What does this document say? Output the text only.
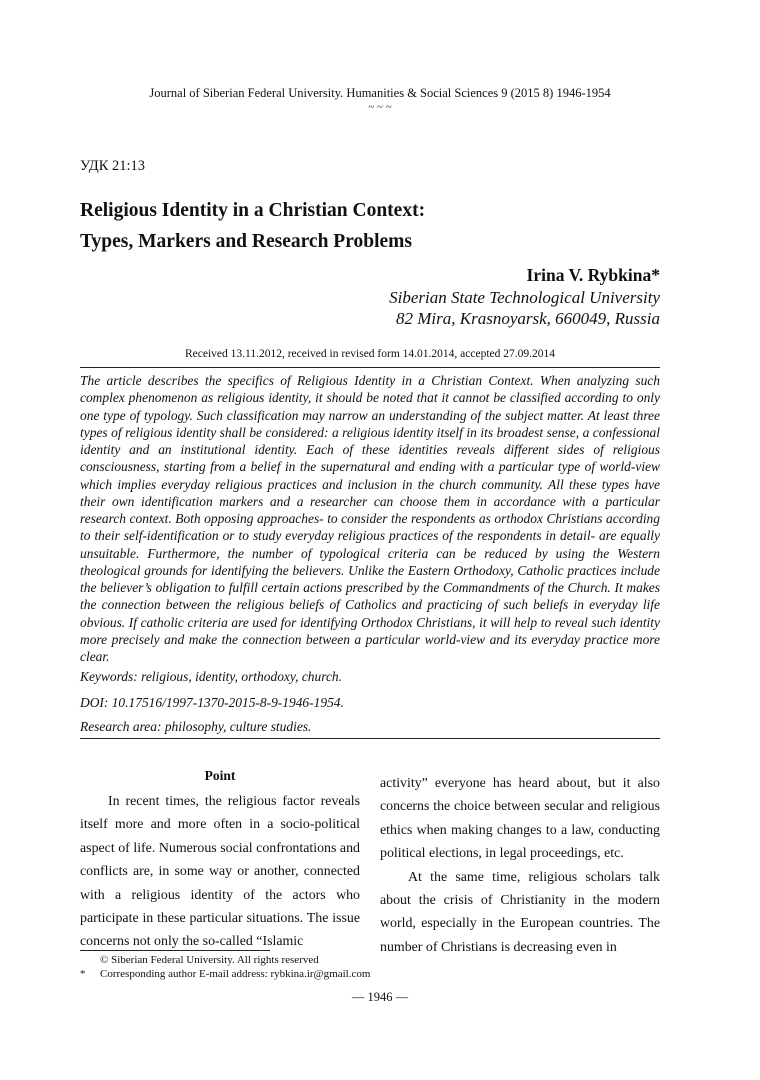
Journal of Siberian Federal University. Humanities & Social Sciences 9 (2015 8) 1946-1954
~ ~ ~
УДК 21:13
Religious Identity in a Christian Context:
Types, Markers and Research Problems
Irina V. Rybkina*
Siberian State Technological University
82 Mira, Krasnoyarsk, 660049, Russia
Received 13.11.2012, received in revised form 14.01.2014, accepted 27.09.2014

The article describes the specifics of Religious Identity in a Christian Context. When analyzing such complex phenomenon as religious identity, it should be noted that it cannot be classified according to only one type of typology. Such classification may narrow an understanding of the subject matter. At least three types of religious identity shall be considered: a religious identity itself in its broadest sense, a confessional identity and an institutional identity. Each of these identities reveals different sides of religious consciousness, starting from a belief in the supernatural and ending with a particular type of world-view which implies everyday religious practices and inclusion in the church community. All these types have their own identification markers and a researcher can choose them in accordance with a particular research context. Both opposing approaches- to consider the respondents as orthodox Christians according to their self-identification or to study everyday religious practices of the respondents in detail- are equally unsuitable. Furthermore, the number of typological criteria can be reduced by using the Western theological grounds for identifying the believers. Unlike the Eastern Orthodoxy, Catholic practices include the believer’s obligation to fulfill certain actions prescribed by the Commandments of the Church. It makes the connection between the religious beliefs of Catholics and practicing of such beliefs in everyday life obvious. If catholic criteria are used for identifying Orthodox Christians, it will help to reveal such identity more precisely and make the connection between a particular world-view and its everyday practice more clear.

Keywords: religious, identity, orthodoxy, church.
DOI: 10.17516/1997-1370-2015-8-9-1946-1954.
Research area: philosophy, culture studies.

Point

In recent times, the religious factor reveals itself more and more often in a socio-political aspect of life. Numerous social confrontations and conflicts are, in some way or another, connected with a religious identity of the actors who participate in these particular situations. The issue concerns not only the so-called “Islamic

activity” everyone has heard about, but it also concerns the choice between secular and religious ethics when making changes to a law, conducting political elections, in legal proceedings, etc.

At the same time, religious scholars talk about the crisis of Christianity in the modern world, especially in the European countries. The number of Christians is decreasing even in

© Siberian Federal University. All rights reserved
* Corresponding author E-mail address: rybkina.ir@gmail.com
— 1946 —
